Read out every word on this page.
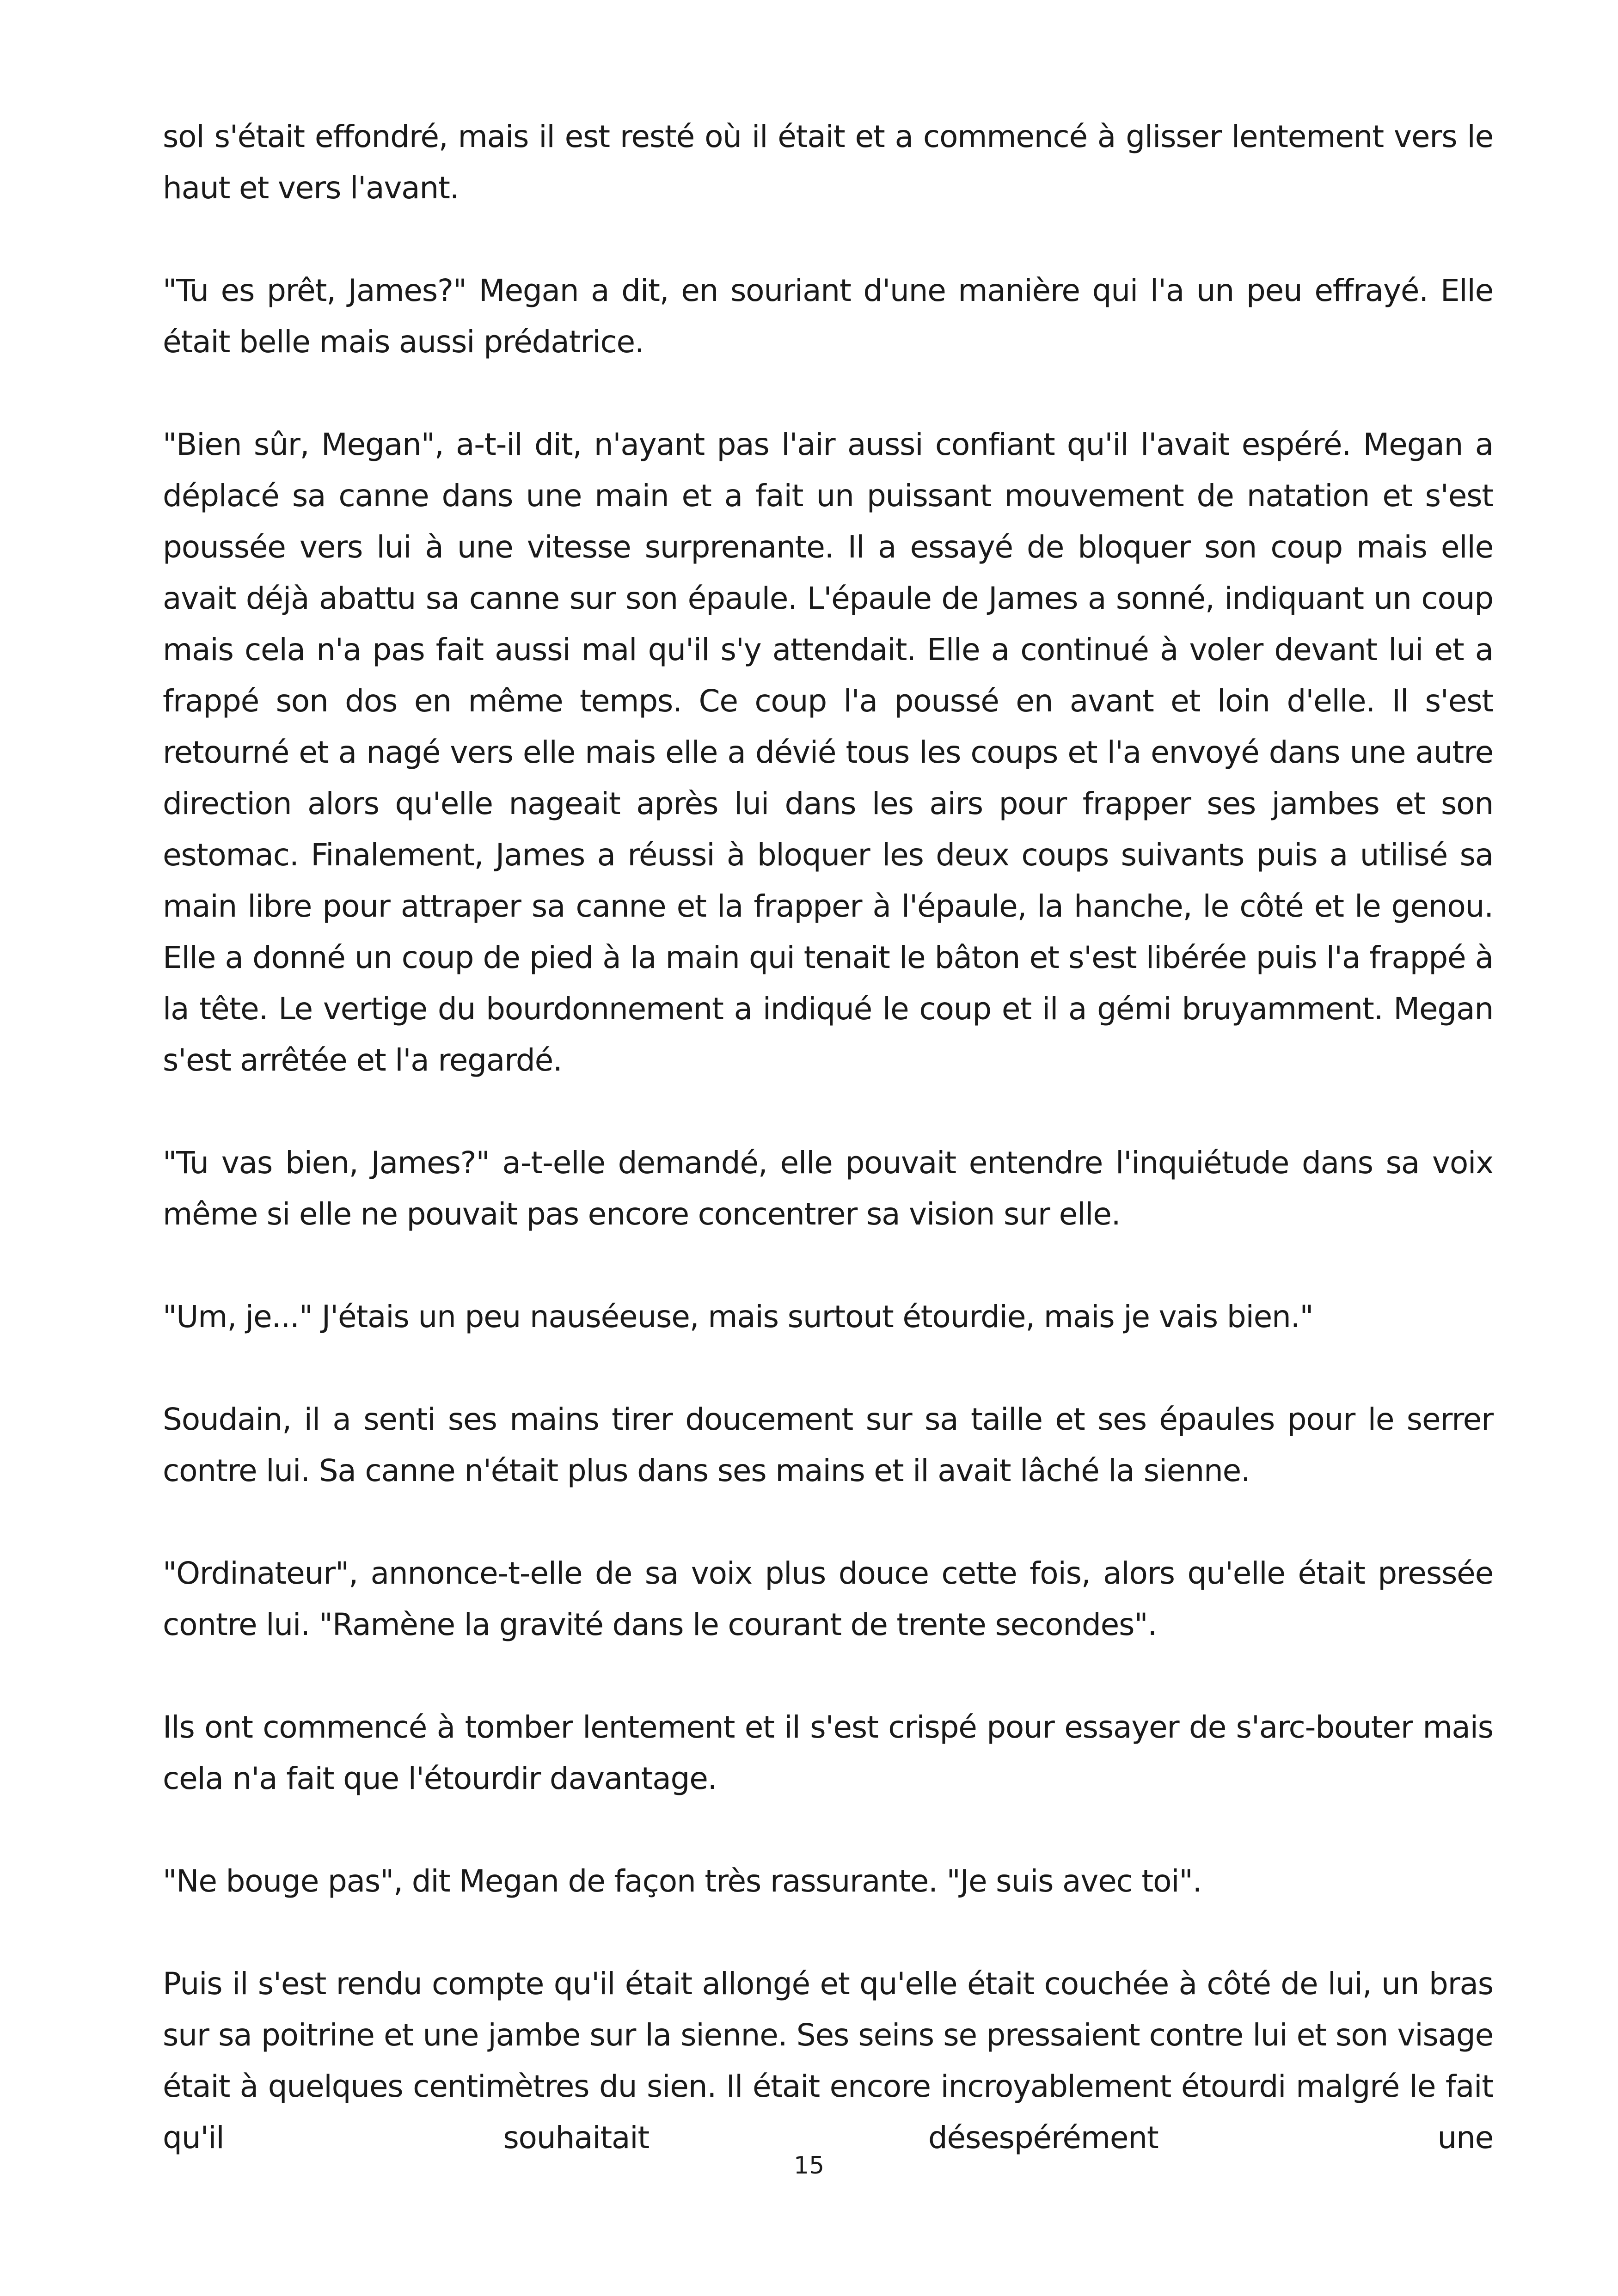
sol s'était effondré, mais il est resté où il était et a commencé à glisser lentement vers le haut et vers l'avant.

"Tu es prêt, James?" Megan a dit, en souriant d'une manière qui l'a un peu effrayé. Elle était belle mais aussi prédatrice.

"Bien sûr, Megan", a-t-il dit, n'ayant pas l'air aussi confiant qu'il l'avait espéré. Megan a déplacé sa canne dans une main et a fait un puissant mouvement de natation et s'est poussée vers lui à une vitesse surprenante. Il a essayé de bloquer son coup mais elle avait déjà abattu sa canne sur son épaule. L'épaule de James a sonné, indiquant un coup mais cela n'a pas fait aussi mal qu'il s'y attendait. Elle a continué à voler devant lui et a frappé son dos en même temps. Ce coup l'a poussé en avant et loin d'elle. Il s'est retourné et a nagé vers elle mais elle a dévié tous les coups et l'a envoyé dans une autre direction alors qu'elle nageait après lui dans les airs pour frapper ses jambes et son estomac. Finalement, James a réussi à bloquer les deux coups suivants puis a utilisé sa main libre pour attraper sa canne et la frapper à l'épaule, la hanche, le côté et le genou. Elle a donné un coup de pied à la main qui tenait le bâton et s'est libérée puis l'a frappé à la tête. Le vertige du bourdonnement a indiqué le coup et il a gémi bruyamment. Megan s'est arrêtée et l'a regardé.

"Tu vas bien, James?" a-t-elle demandé, elle pouvait entendre l'inquiétude dans sa voix même si elle ne pouvait pas encore concentrer sa vision sur elle.

"Um, je..." J'étais un peu nauséeuse, mais surtout étourdie, mais je vais bien."

Soudain, il a senti ses mains tirer doucement sur sa taille et ses épaules pour le serrer contre lui. Sa canne n'était plus dans ses mains et il avait lâché la sienne.

"Ordinateur", annonce-t-elle de sa voix plus douce cette fois, alors qu'elle était pressée contre lui. "Ramène la gravité dans le courant de trente secondes".

Ils ont commencé à tomber lentement et il s'est crispé pour essayer de s'arc-bouter mais cela n'a fait que l'étourdir davantage.

"Ne bouge pas", dit Megan de façon très rassurante. "Je suis avec toi".

Puis il s'est rendu compte qu'il était allongé et qu'elle était couchée à côté de lui, un bras sur sa poitrine et une jambe sur la sienne. Ses seins se pressaient contre lui et son visage était à quelques centimètres du sien. Il était encore incroyablement étourdi malgré le fait qu'il souhaitait désespérément une

15
